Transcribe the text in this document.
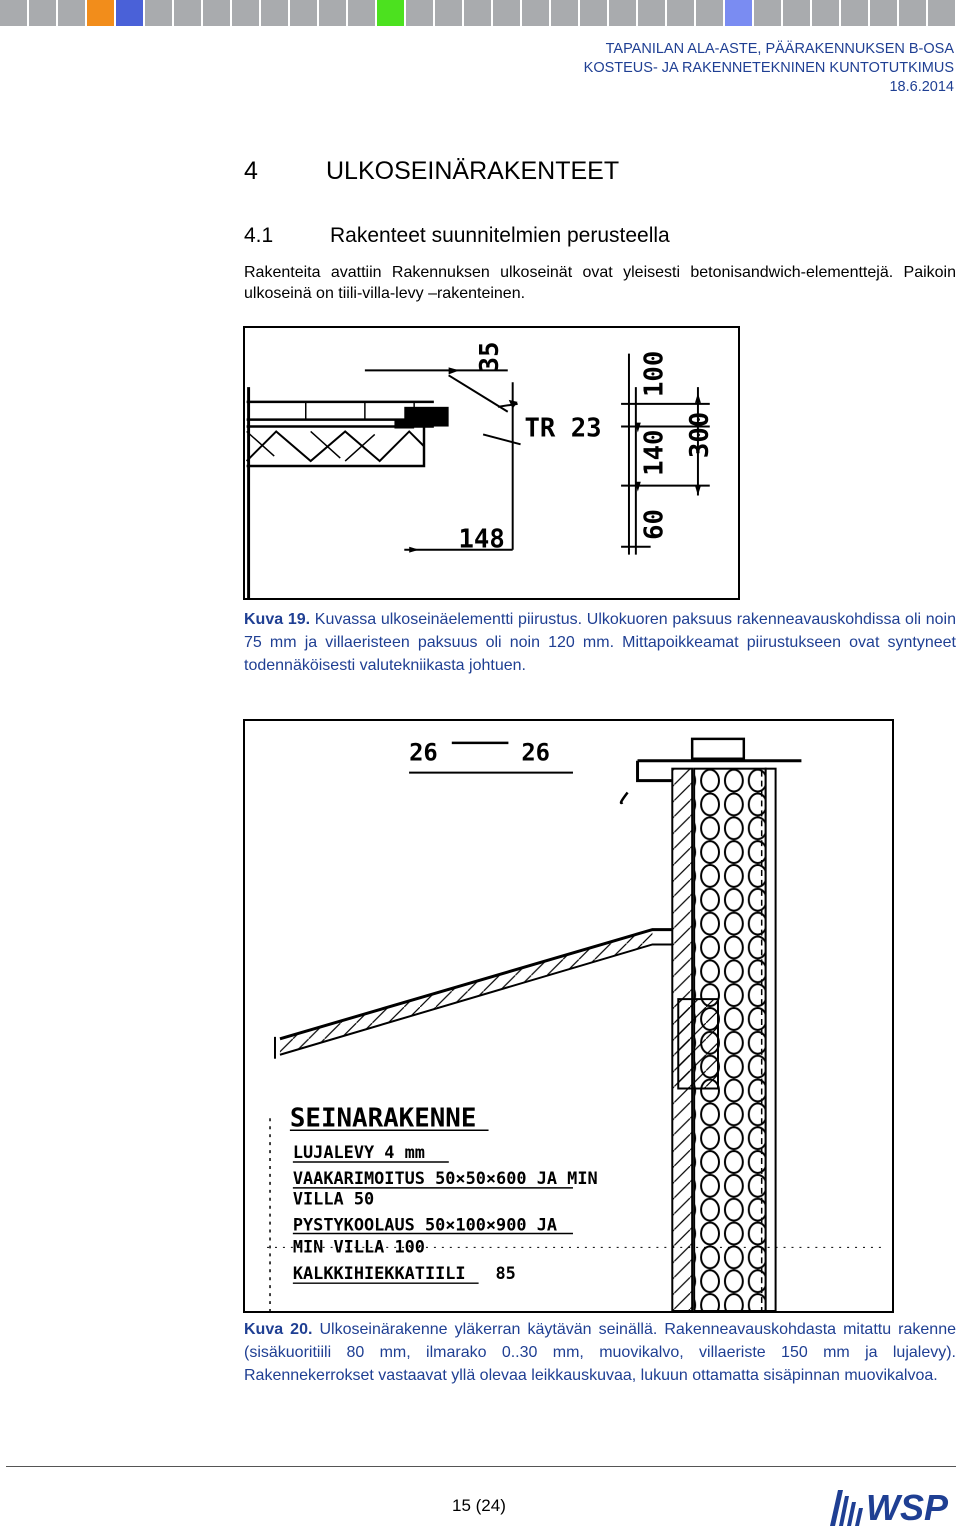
TAPANILAN ALA-ASTE, PÄÄRAKENNUKSEN B-OSA
KOSTEUS- JA RAKENNETEKNINEN KUNTOTUTKIMUS
18.6.2014
4	ULKOSEINÄRAKENTEET
4.1	Rakenteet suunnitelmien perusteella
Rakenteita avattiin Rakennuksen ulkoseinät ovat yleisesti betonisandwich-elementtejä. Paikoin ulkoseinä on tiili-villa-levy –rakenteinen.
35
TR 23
148
100
140
60
300
Kuva 19. Kuvassa ulkoseinäelementti piirustus. Ulkokuoren paksuus rakenneavauskohdissa oli noin 75 mm ja villaeristeen paksuus oli noin 120 mm. Mittapoikkeamat piirustukseen ovat syntyneet todennäköisesti valutekniikasta johtuen.
26	26
SEINARAKENNE
LUJALEVY 4 mm
VAAKARIMOITUS 50×50×600 JA MIN
VILLA 50
PYSTYKOOLAUS 50×100×900 JA
MIN VILLA 100
KALKKIHIEKKATIILI 85
Kuva 20. Ulkoseinärakenne yläkerran käytävän seinällä. Rakenneavauskohdasta mitattu rakenne (sisäkuoritiili 80 mm, ilmarako 0..30 mm, muovikalvo, villaeriste 150 mm ja lujalevy). Rakennekerrokset vastaavat yllä olevaa leikkauskuvaa, lukuun ottamatta sisäpinnan muovikalvoa.
15 (24)	WSP
